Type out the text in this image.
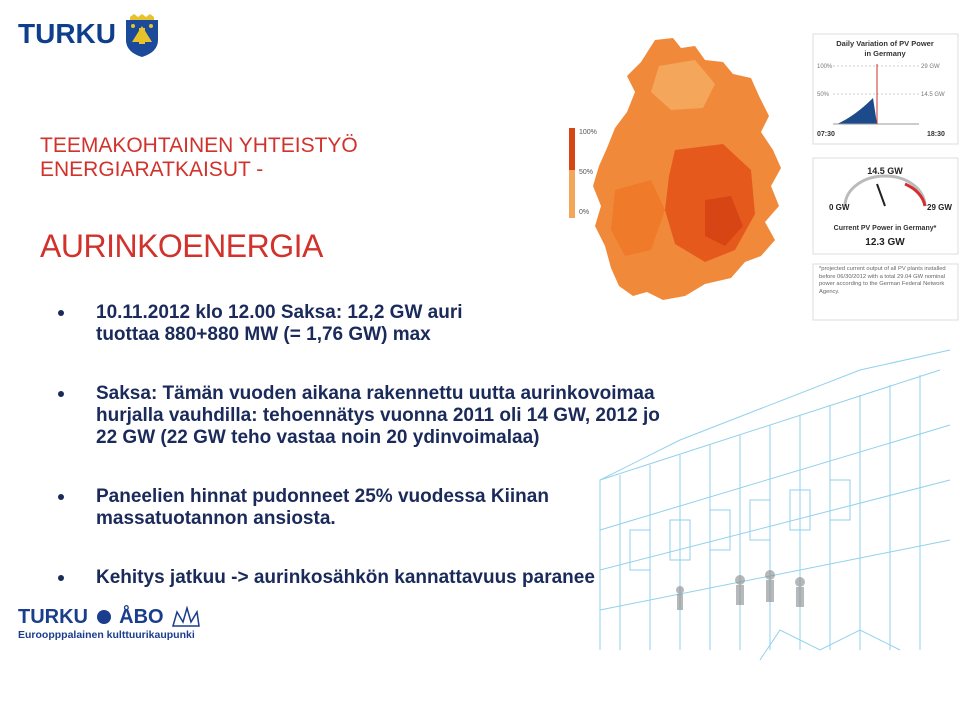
TURKU
TEEMAKOHTAINEN YHTEISTYÖ
ENERGIARATKAISUT -
AURINKOENERGIA
100%
50%
0%
Daily Variation of PV Power
in Germany
100%
50%
29 GW
14.5 GW
07:30	18:30
14.5 GW
0 GW	29 GW
Current PV Power in Germany*
12.3 GW
*projected current output of all PV plants installed before 06/30/2012 with a total 29.04 GW nominal power according to the German Federal Network Agency.
Relative output from 10/11/2012-11:58 CET
10.11.2012 klo 12.00 Saksa: 12,2 GW auri
tuottaa 880+880 MW (= 1,76 GW) max
Saksa: Tämän vuoden aikana rakennettu uutta aurinkovoimaa
hurjalla vauhdilla: tehoennätys vuonna 2011 oli 14 GW, 2012 jo
22 GW (22 GW teho vastaa noin 20 ydinvoimalaa)
Paneelien hinnat pudonneet 25% vuodessa Kiinan
massatuotannon ansiosta.
Kehitys jatkuu -> aurinkosähkön kannattavuus paranee
TURKU ÅBO
Euroopppalainen kulttuurikaupunki
